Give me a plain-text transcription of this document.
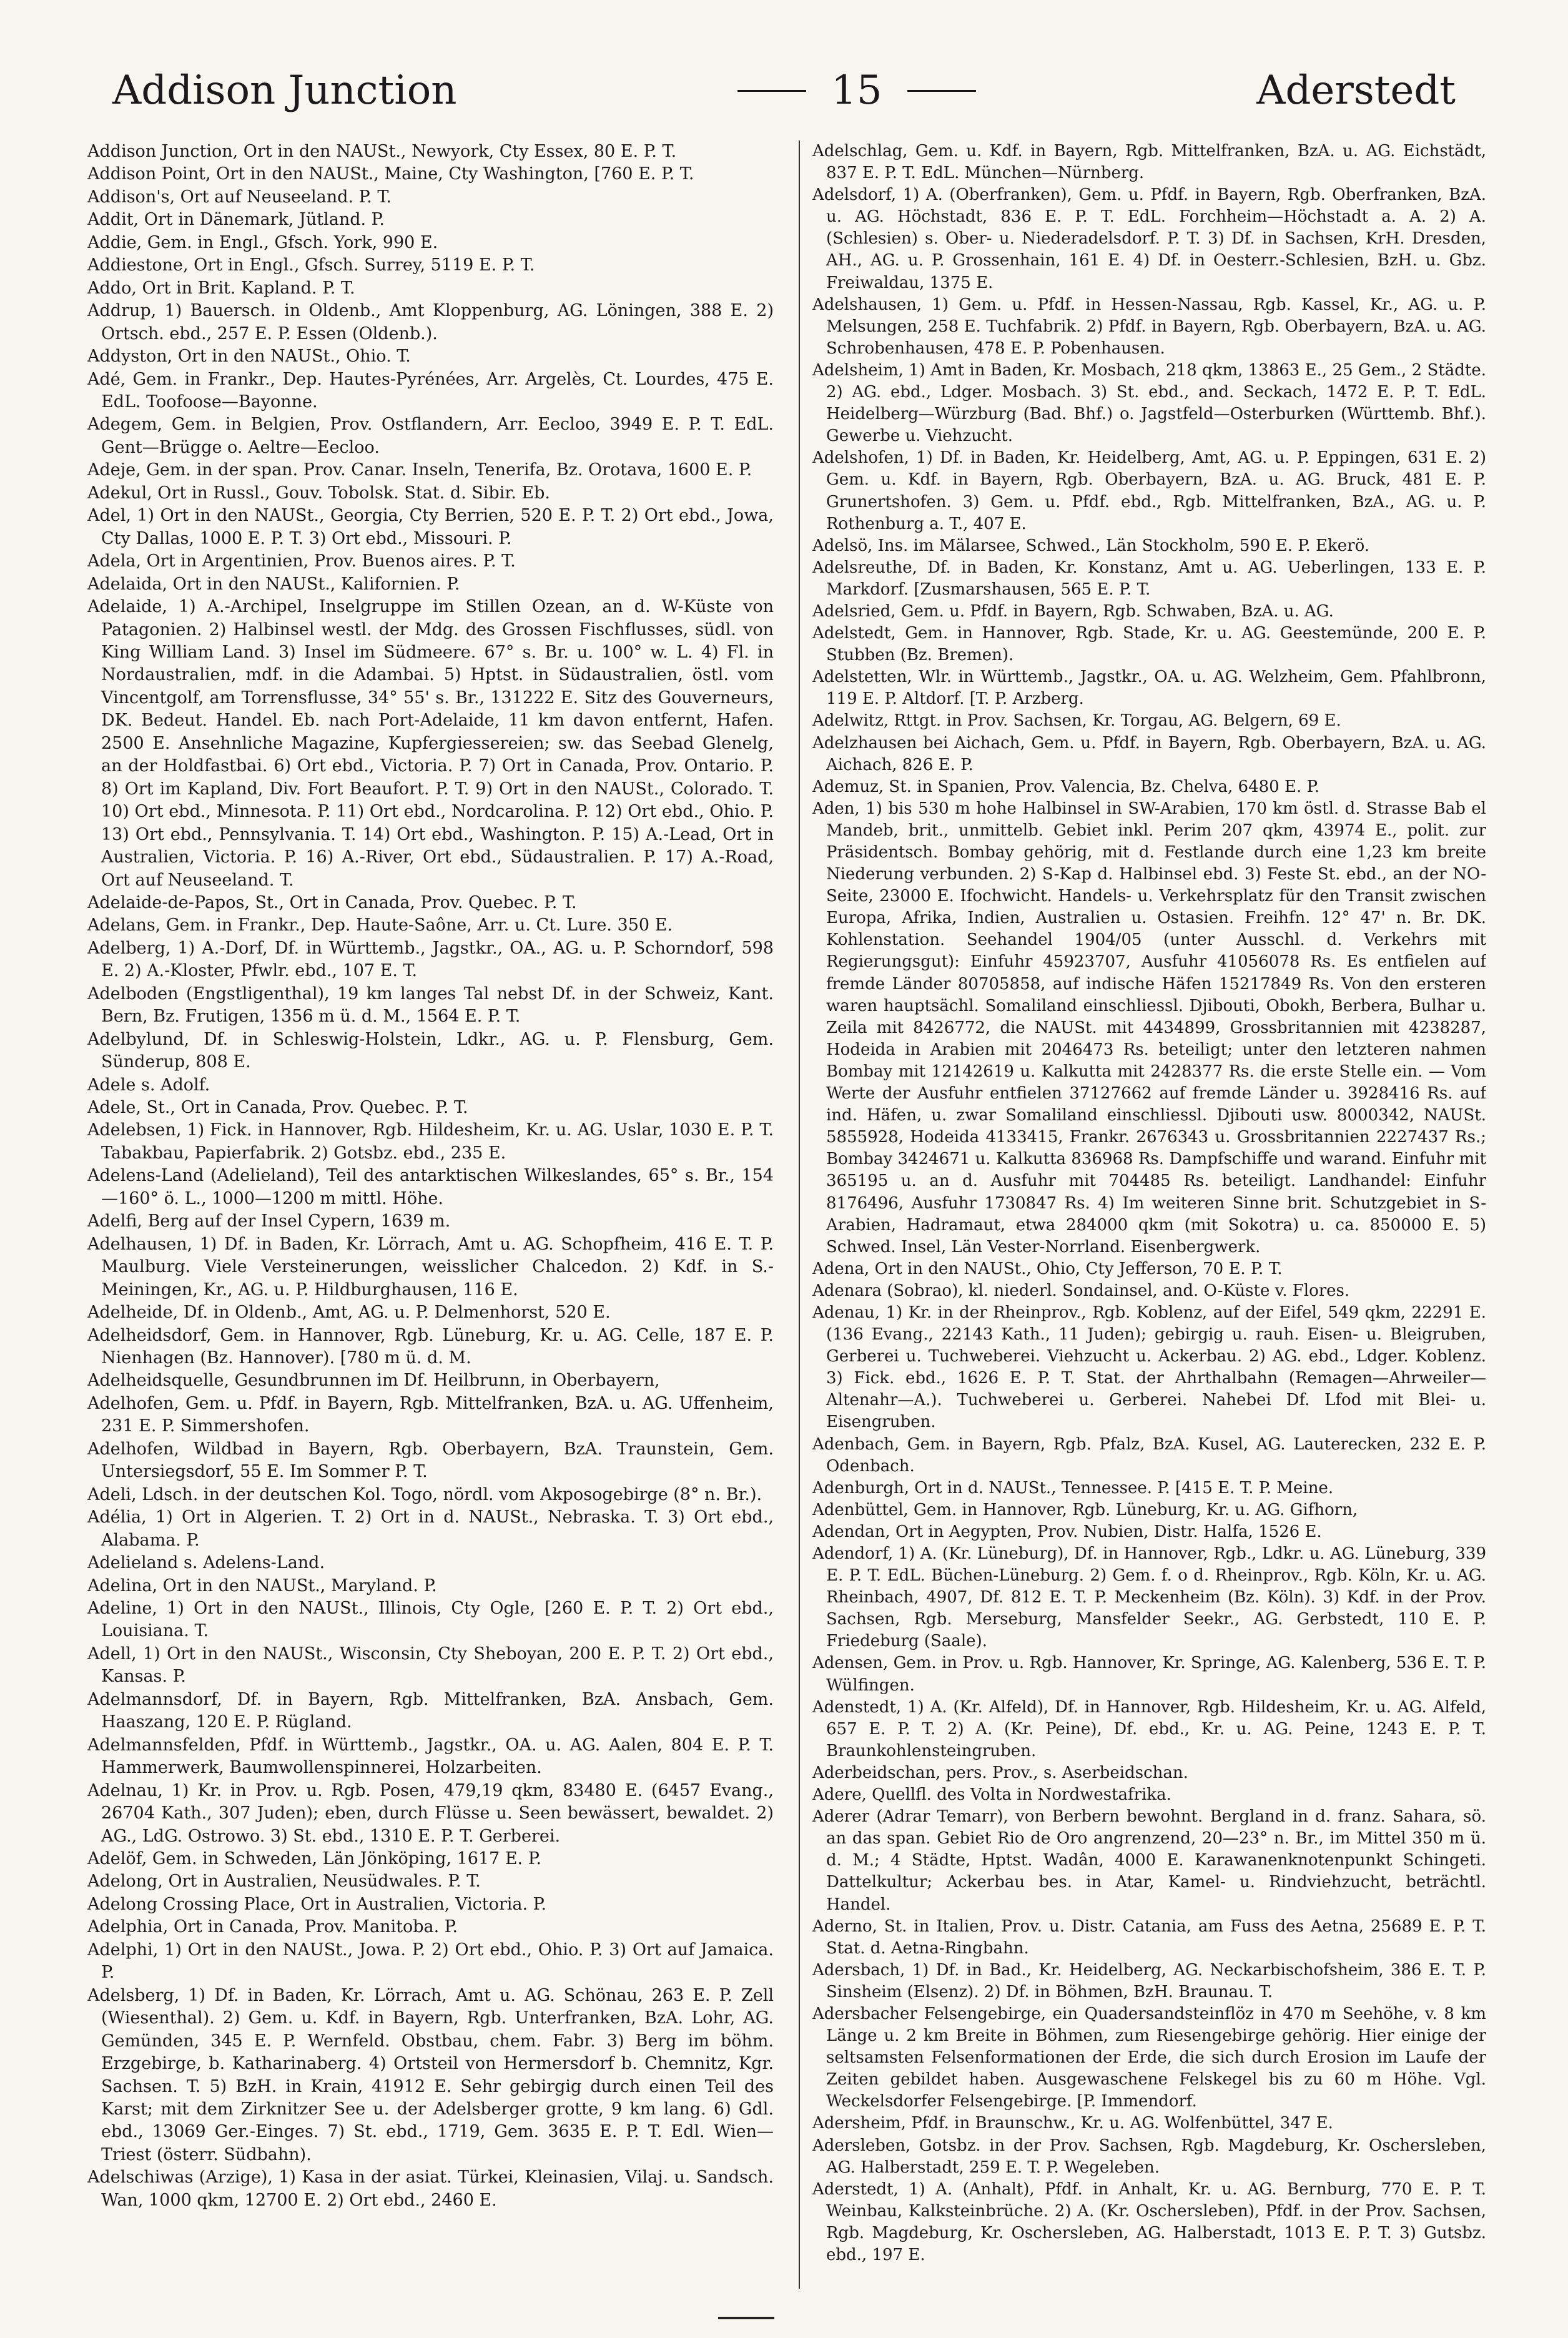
Addison Junction	15	Aderstedt

Addison Junction, Ort in den NAUSt., Newyork, Cty Essex, 80 E. P. T.

Addison Point, Ort in den NAUSt., Maine, Cty Washington, [760 E. P. T.

Addison's, Ort auf Neuseeland. P. T.

Addit, Ort in Dänemark, Jütland. P.

Addie, Gem. in Engl., Gfsch. York, 990 E.

Addiestone, Ort in Engl., Gfsch. Surrey, 5119 E. P. T.

Addo, Ort in Brit. Kapland. P. T.

Addrup, 1) Bauersch. in Oldenb., Amt Kloppenburg, AG. Löningen, 388 E. 2) Ortsch. ebd., 257 E. P. Essen (Oldenb.).

Addyston, Ort in den NAUSt., Ohio. T.

Adé, Gem. in Frankr., Dep. Hautes-Pyrénées, Arr. Argelès, Ct. Lourdes, 475 E. EdL. Toofoose—Bayonne.

Adegem, Gem. in Belgien, Prov. Ostflandern, Arr. Eecloo, 3949 E. P. T. EdL. Gent—Brügge o. Aeltre—Eecloo.

Adeje, Gem. in der span. Prov. Canar. Inseln, Tenerifa, Bz. Orotava, 1600 E. P.

Adekul, Ort in Russl., Gouv. Tobolsk. Stat. d. Sibir. Eb.

Adel, 1) Ort in den NAUSt., Georgia, Cty Berrien, 520 E. P. T. 2) Ort ebd., Jowa, Cty Dallas, 1000 E. P. T. 3) Ort ebd., Missouri. P.

Adela, Ort in Argentinien, Prov. Buenos aires. P. T.

Adelaida, Ort in den NAUSt., Kalifornien. P.

Adelaide, 1) A.-Archipel, Inselgruppe im Stillen Ozean, an d. W-Küste von Patagonien. 2) Halbinsel westl. der Mdg. des Grossen Fischflusses, südl. von King William Land. 3) Insel im Südmeere. 67° s. Br. u. 100° w. L. 4) Fl. in Nordaustralien, mdf. in die Adambai. 5) Hptst. in Südaustralien, östl. vom Vincentgolf, am Torrensflusse, 34° 55' s. Br., 131222 E. Sitz des Gouverneurs, DK. Bedeut. Handel. Eb. nach Port-Adelaide, 11 km davon entfernt, Hafen. 2500 E. Ansehnliche Magazine, Kupfergiessereien; sw. das Seebad Glenelg, an der Holdfastbai. 6) Ort ebd., Victoria. P. 7) Ort in Canada, Prov. Ontario. P. 8) Ort im Kapland, Div. Fort Beaufort. P. T. 9) Ort in den NAUSt., Colorado. T. 10) Ort ebd., Minnesota. P. 11) Ort ebd., Nordcarolina. P. 12) Ort ebd., Ohio. P. 13) Ort ebd., Pennsylvania. T. 14) Ort ebd., Washington. P. 15) A.-Lead, Ort in Australien, Victoria. P. 16) A.-River, Ort ebd., Südaustralien. P. 17) A.-Road, Ort auf Neuseeland. T.

Adelaide-de-Papos, St., Ort in Canada, Prov. Quebec. P. T.

Adelans, Gem. in Frankr., Dep. Haute-Saône, Arr. u. Ct. Lure. 350 E.

Adelberg, 1) A.-Dorf, Df. in Württemb., Jagstkr., OA., AG. u. P. Schorndorf, 598 E. 2) A.-Kloster, Pfwlr. ebd., 107 E. T.

Adelboden (Engstligenthal), 19 km langes Tal nebst Df. in der Schweiz, Kant. Bern, Bz. Frutigen, 1356 m ü. d. M., 1564 E. P. T.

Adelbylund, Df. in Schleswig-Holstein, Ldkr., AG. u. P. Flensburg, Gem. Sünderup, 808 E.

Adele s. Adolf.

Adele, St., Ort in Canada, Prov. Quebec. P. T.

Adelebsen, 1) Fick. in Hannover, Rgb. Hildesheim, Kr. u. AG. Uslar, 1030 E. P. T. Tabakbau, Papierfabrik. 2) Gotsbz. ebd., 235 E.

Adelens-Land (Adelieland), Teil des antarktischen Wilkeslandes, 65° s. Br., 154—160° ö. L., 1000—1200 m mittl. Höhe.

Adelfi, Berg auf der Insel Cypern, 1639 m.

Adelhausen, 1) Df. in Baden, Kr. Lörrach, Amt u. AG. Schopfheim, 416 E. T. P. Maulburg. Viele Versteinerungen, weisslicher Chalcedon. 2) Kdf. in S.-Meiningen, Kr., AG. u. P. Hildburghausen, 116 E.

Adelheide, Df. in Oldenb., Amt, AG. u. P. Delmenhorst, 520 E.

Adelheidsdorf, Gem. in Hannover, Rgb. Lüneburg, Kr. u. AG. Celle, 187 E. P. Nienhagen (Bz. Hannover). [780 m ü. d. M.

Adelheidsquelle, Gesundbrunnen im Df. Heilbrunn, in Oberbayern,

Adelhofen, Gem. u. Pfdf. in Bayern, Rgb. Mittelfranken, BzA. u. AG. Uffenheim, 231 E. P. Simmershofen.

Adelhofen, Wildbad in Bayern, Rgb. Oberbayern, BzA. Traunstein, Gem. Untersiegsdorf, 55 E. Im Sommer P. T.

Adeli, Ldsch. in der deutschen Kol. Togo, nördl. vom Akposogebirge (8° n. Br.).

Adélia, 1) Ort in Algerien. T. 2) Ort in d. NAUSt., Nebraska. T. 3) Ort ebd., Alabama. P.

Adelieland s. Adelens-Land.

Adelina, Ort in den NAUSt., Maryland. P.

Adeline, 1) Ort in den NAUSt., Illinois, Cty Ogle, [260 E. P. T. 2) Ort ebd., Louisiana. T.

Adell, 1) Ort in den NAUSt., Wisconsin, Cty Sheboyan, 200 E. P. T. 2) Ort ebd., Kansas. P.

Adelmannsdorf, Df. in Bayern, Rgb. Mittelfranken, BzA. Ansbach, Gem. Haaszang, 120 E. P. Rügland.

Adelmannsfelden, Pfdf. in Württemb., Jagstkr., OA. u. AG. Aalen, 804 E. P. T. Hammerwerk, Baumwollenspinnerei, Holzarbeiten.

Adelnau, 1) Kr. in Prov. u. Rgb. Posen, 479,19 qkm, 83480 E. (6457 Evang., 26704 Kath., 307 Juden); eben, durch Flüsse u. Seen bewässert, bewaldet. 2) AG., LdG. Ostrowo. 3) St. ebd., 1310 E. P. T. Gerberei.

Adelöf, Gem. in Schweden, Län Jönköping, 1617 E. P.

Adelong, Ort in Australien, Neusüdwales. P. T.

Adelong Crossing Place, Ort in Australien, Victoria. P.

Adelphia, Ort in Canada, Prov. Manitoba. P.

Adelphi, 1) Ort in den NAUSt., Jowa. P. 2) Ort ebd., Ohio. P. 3) Ort auf Jamaica. P.

Adelsberg, 1) Df. in Baden, Kr. Lörrach, Amt u. AG. Schönau, 263 E. P. Zell (Wiesenthal). 2) Gem. u. Kdf. in Bayern, Rgb. Unterfranken, BzA. Lohr, AG. Gemünden, 345 E. P. Wernfeld. Obstbau, chem. Fabr. 3) Berg im böhm. Erzgebirge, b. Katharinaberg. 4) Ortsteil von Hermersdorf b. Chemnitz, Kgr. Sachsen. T. 5) BzH. in Krain, 41912 E. Sehr gebirgig durch einen Teil des Karst; mit dem Zirknitzer See u. der Adelsberger grotte, 9 km lang. 6) Gdl. ebd., 13069 Ger.-Einges. 7) St. ebd., 1719, Gem. 3635 E. P. T. Edl. Wien—Triest (österr. Südbahn).

Adelschiwas (Arzige), 1) Kasa in der asiat. Türkei, Kleinasien, Vilaj. u. Sandsch. Wan, 1000 qkm, 12700 E. 2) Ort ebd., 2460 E.

Adelschlag, Gem. u. Kdf. in Bayern, Rgb. Mittelfranken, BzA. u. AG. Eichstädt, 837 E. P. T. EdL. München—Nürnberg.

Adelsdorf, 1) A. (Oberfranken), Gem. u. Pfdf. in Bayern, Rgb. Oberfranken, BzA. u. AG. Höchstadt, 836 E. P. T. EdL. Forchheim—Höchstadt a. A. 2) A. (Schlesien) s. Ober- u. Niederadelsdorf. P. T. 3) Df. in Sachsen, KrH. Dresden, AH., AG. u. P. Grossenhain, 161 E. 4) Df. in Oesterr.-Schlesien, BzH. u. Gbz. Freiwaldau, 1375 E.

Adelshausen, 1) Gem. u. Pfdf. in Hessen-Nassau, Rgb. Kassel, Kr., AG. u. P. Melsungen, 258 E. Tuchfabrik. 2) Pfdf. in Bayern, Rgb. Oberbayern, BzA. u. AG. Schrobenhausen, 478 E. P. Pobenhausen.

Adelsheim, 1) Amt in Baden, Kr. Mosbach, 218 qkm, 13863 E., 25 Gem., 2 Städte. 2) AG. ebd., Ldger. Mosbach. 3) St. ebd., and. Seckach, 1472 E. P. T. EdL. Heidelberg—Würzburg (Bad. Bhf.) o. Jagstfeld—Osterburken (Württemb. Bhf.). Gewerbe u. Viehzucht.

Adelshofen, 1) Df. in Baden, Kr. Heidelberg, Amt, AG. u. P. Eppingen, 631 E. 2) Gem. u. Kdf. in Bayern, Rgb. Oberbayern, BzA. u. AG. Bruck, 481 E. P. Grunertshofen. 3) Gem. u. Pfdf. ebd., Rgb. Mittelfranken, BzA., AG. u. P. Rothenburg a. T., 407 E.

Adelsö, Ins. im Mälarsee, Schwed., Län Stockholm, 590 E. P. Ekerö.

Adelsreuthe, Df. in Baden, Kr. Konstanz, Amt u. AG. Ueberlingen, 133 E. P. Markdorf. [Zusmarshausen, 565 E. P. T.

Adelsried, Gem. u. Pfdf. in Bayern, Rgb. Schwaben, BzA. u. AG.

Adelstedt, Gem. in Hannover, Rgb. Stade, Kr. u. AG. Geestemünde, 200 E. P. Stubben (Bz. Bremen).

Adelstetten, Wlr. in Württemb., Jagstkr., OA. u. AG. Welzheim, Gem. Pfahlbronn, 119 E. P. Altdorf. [T. P. Arzberg.

Adelwitz, Rttgt. in Prov. Sachsen, Kr. Torgau, AG. Belgern, 69 E.

Adelzhausen bei Aichach, Gem. u. Pfdf. in Bayern, Rgb. Oberbayern, BzA. u. AG. Aichach, 826 E. P.

Ademuz, St. in Spanien, Prov. Valencia, Bz. Chelva, 6480 E. P.

Aden, 1) bis 530 m hohe Halbinsel in SW-Arabien, 170 km östl. d. Strasse Bab el Mandeb, brit., unmittelb. Gebiet inkl. Perim 207 qkm, 43974 E., polit. zur Präsidentsch. Bombay gehörig, mit d. Festlande durch eine 1,23 km breite Niederung verbunden. 2) S-Kap d. Halbinsel ebd. 3) Feste St. ebd., an der NO-Seite, 23000 E. Ifochwicht. Handels- u. Verkehrsplatz für den Transit zwischen Europa, Afrika, Indien, Australien u. Ostasien. Freihfn. 12° 47' n. Br. DK. Kohlenstation. Seehandel 1904/05 (unter Ausschl. d. Verkehrs mit Regierungsgut): Einfuhr 45923707, Ausfuhr 41056078 Rs. Es entfielen auf fremde Länder 80705858, auf indische Häfen 15217849 Rs. Von den ersteren waren hauptsächl. Somaliland einschliessl. Djibouti, Obokh, Berbera, Bulhar u. Zeila mit 8426772, die NAUSt. mit 4434899, Grossbritannien mit 4238287, Hodeida in Arabien mit 2046473 Rs. beteiligt; unter den letzteren nahmen Bombay mit 12142619 u. Kalkutta mit 2428377 Rs. die erste Stelle ein. — Vom Werte der Ausfuhr entfielen 37127662 auf fremde Länder u. 3928416 Rs. auf ind. Häfen, u. zwar Somaliland einschliessl. Djibouti usw. 8000342, NAUSt. 5855928, Hodeida 4133415, Frankr. 2676343 u. Grossbritannien 2227437 Rs.; Bombay 3424671 u. Kalkutta 836968 Rs. Dampfschiffe und warand. Einfuhr mit 365195 u. an d. Ausfuhr mit 704485 Rs. beteiligt. Landhandel: Einfuhr 8176496, Ausfuhr 1730847 Rs. 4) Im weiteren Sinne brit. Schutzgebiet in S-Arabien, Hadramaut, etwa 284000 qkm (mit Sokotra) u. ca. 850000 E. 5) Schwed. Insel, Län Vester-Norrland. Eisenbergwerk.

Adena, Ort in den NAUSt., Ohio, Cty Jefferson, 70 E. P. T.

Adenara (Sobrao), kl. niederl. Sondainsel, and. O-Küste v. Flores.

Adenau, 1) Kr. in der Rheinprov., Rgb. Koblenz, auf der Eifel, 549 qkm, 22291 E. (136 Evang., 22143 Kath., 11 Juden); gebirgig u. rauh. Eisen- u. Bleigruben, Gerberei u. Tuchweberei. Viehzucht u. Ackerbau. 2) AG. ebd., Ldger. Koblenz. 3) Fick. ebd., 1626 E. P. T. Stat. der Ahrthalbahn (Remagen—Ahrweiler—Altenahr—A.). Tuchweberei u. Gerberei. Nahebei Df. Lfod mit Blei- u. Eisengruben.

Adenbach, Gem. in Bayern, Rgb. Pfalz, BzA. Kusel, AG. Lauterecken, 232 E. P. Odenbach.

Adenburgh, Ort in d. NAUSt., Tennessee. P. [415 E. T. P. Meine.

Adenbüttel, Gem. in Hannover, Rgb. Lüneburg, Kr. u. AG. Gifhorn,

Adendan, Ort in Aegypten, Prov. Nubien, Distr. Halfa, 1526 E.

Adendorf, 1) A. (Kr. Lüneburg), Df. in Hannover, Rgb., Ldkr. u. AG. Lüneburg, 339 E. P. T. EdL. Büchen-Lüneburg. 2) Gem. f. o d. Rheinprov., Rgb. Köln, Kr. u. AG. Rheinbach, 4907, Df. 812 E. T. P. Meckenheim (Bz. Köln). 3) Kdf. in der Prov. Sachsen, Rgb. Merseburg, Mansfelder Seekr., AG. Gerbstedt, 110 E. P. Friedeburg (Saale).

Adensen, Gem. in Prov. u. Rgb. Hannover, Kr. Springe, AG. Kalenberg, 536 E. T. P. Wülfingen.

Adenstedt, 1) A. (Kr. Alfeld), Df. in Hannover, Rgb. Hildesheim, Kr. u. AG. Alfeld, 657 E. P. T. 2) A. (Kr. Peine), Df. ebd., Kr. u. AG. Peine, 1243 E. P. T. Braunkohlensteingruben.

Aderbeidschan, pers. Prov., s. Aserbeidschan.

Adere, Quellfl. des Volta in Nordwestafrika.

Aderer (Adrar Temarr), von Berbern bewohnt. Bergland in d. franz. Sahara, sö. an das span. Gebiet Rio de Oro angrenzend, 20—23° n. Br., im Mittel 350 m ü. d. M.; 4 Städte, Hptst. Wadân, 4000 E. Karawanenknotenpunkt Schingeti. Dattelkultur; Ackerbau bes. in Atar, Kamel- u. Rindviehzucht, beträchtl. Handel.

Aderno, St. in Italien, Prov. u. Distr. Catania, am Fuss des Aetna, 25689 E. P. T. Stat. d. Aetna-Ringbahn.

Adersbach, 1) Df. in Bad., Kr. Heidelberg, AG. Neckarbischofsheim, 386 E. T. P. Sinsheim (Elsenz). 2) Df. in Böhmen, BzH. Braunau. T.

Adersbacher Felsengebirge, ein Quadersandsteinflöz in 470 m Seehöhe, v. 8 km Länge u. 2 km Breite in Böhmen, zum Riesengebirge gehörig. Hier einige der seltsamsten Felsenformationen der Erde, die sich durch Erosion im Laufe der Zeiten gebildet haben. Ausgewaschene Felskegel bis zu 60 m Höhe. Vgl. Weckelsdorfer Felsengebirge. [P. Immendorf.

Adersheim, Pfdf. in Braunschw., Kr. u. AG. Wolfenbüttel, 347 E.

Adersleben, Gotsbz. in der Prov. Sachsen, Rgb. Magdeburg, Kr. Oschersleben, AG. Halberstadt, 259 E. T. P. Wegeleben.

Aderstedt, 1) A. (Anhalt), Pfdf. in Anhalt, Kr. u. AG. Bernburg, 770 E. P. T. Weinbau, Kalksteinbrüche. 2) A. (Kr. Oschersleben), Pfdf. in der Prov. Sachsen, Rgb. Magdeburg, Kr. Oschersleben, AG. Halberstadt, 1013 E. P. T. 3) Gutsbz. ebd., 197 E.
